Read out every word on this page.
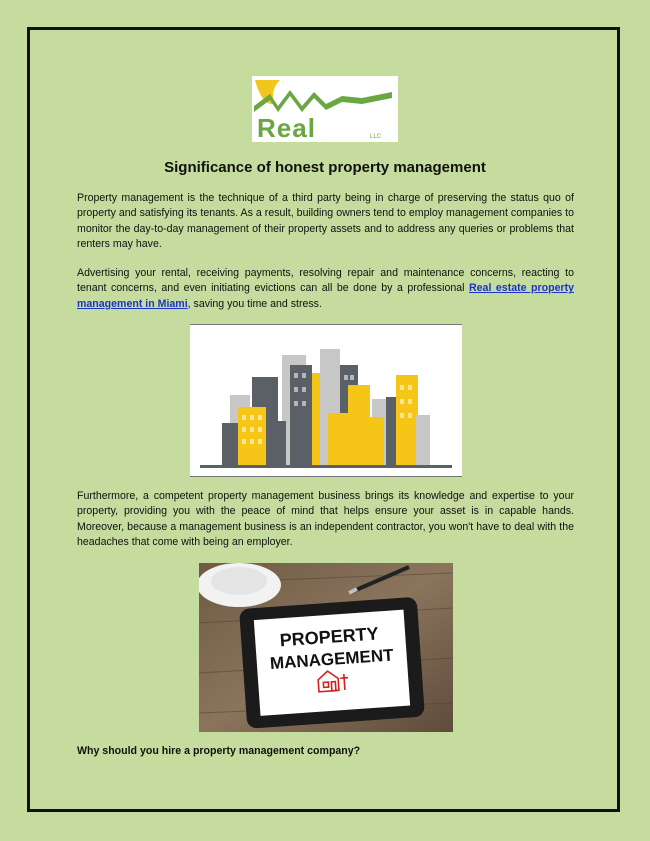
Real	LLC
Significance of honest property management

Property management is the technique of a third party being in charge of preserving the status quo of property and satisfying its tenants. As a result, building owners tend to employ management companies to monitor the day-to-day management of their property assets and to address any queries or problems that renters may have.

Advertising your rental, receiving payments, resolving repair and maintenance concerns, reacting to tenant concerns, and even initiating evictions can all be done by a professional Real estate property management in Miami, saving you time and stress.

Furthermore, a competent property management business brings its knowledge and expertise to your property, providing you with the peace of mind that helps ensure your asset is in capable hands. Moreover, because a management business is an independent contractor, you won't have to deal with the headaches that come with being an employer.

PROPERTY
MANAGEMENT

Why should you hire a property management company?
